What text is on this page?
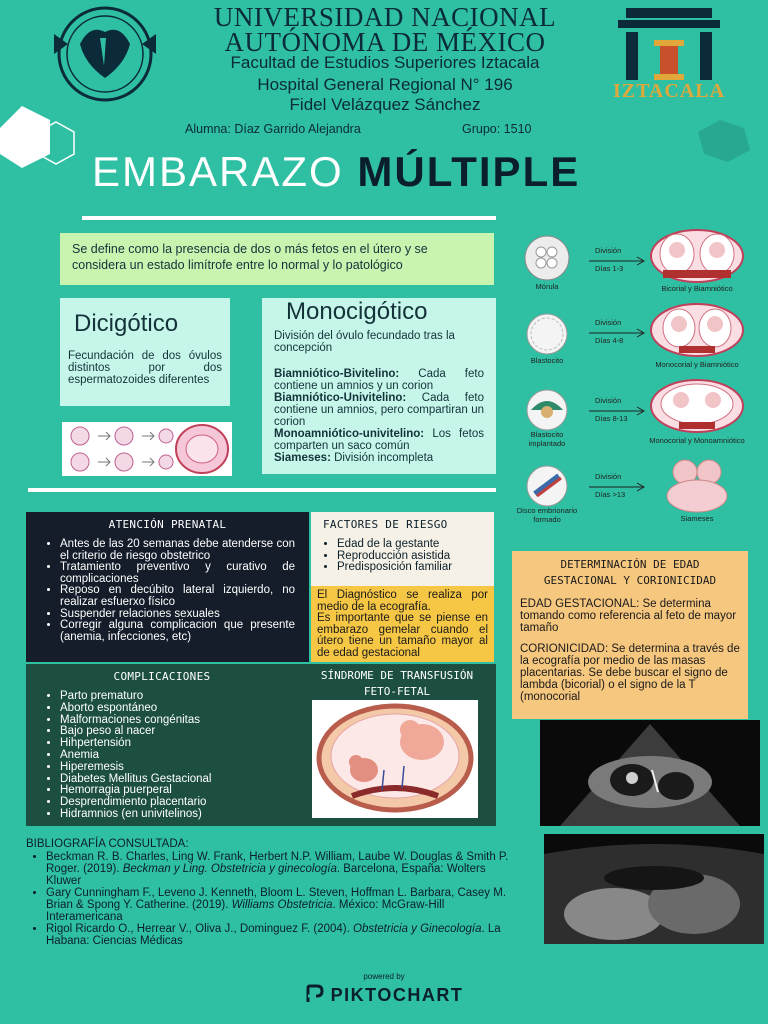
UNIVERSIDAD NACIONAL
AUTÓNOMA DE MÉXICO
Facultad de Estudios Superiores Iztacala
Hospital General Regional N° 196
Fidel Velázquez Sánchez
Alumna: Díaz Garrido Alejandra	Grupo: 1510
IZTACALA
EMBARAZO MÚLTIPLE
Se define como la presencia de dos o más fetos en el útero y se considera un estado limítrofe entre lo normal y lo patológico
Dicigótico
Fecundación de dos óvulos distintos por dos espermatozoides diferentes
Monocigótico
División del óvulo fecundado tras la concepción
Biamniótico-Bivitelino: Cada feto contiene un amnios y un corion
Biamniótico-Univitelino: Cada feto contiene un amnios, pero compartiran un corion
Monoamniótico-univitelino: Los fetos comparten un saco común
Siameses: División incompleta
Mórula
División
Días 1-3
Bicorial y Biamniótico
Blastocito
División
Días 4-8
Monocorial y Biamniótico
Blastocito implantado
División
Días 8-13
Monocorial y Monoamniótico
Disco embrionario formado
División
Días >13
Siameses
ATENCIÓN PRENATAL
• Antes de las 20 semanas debe atenderse con el criterio de riesgo obstetrico
• Tratamiento preventivo y curativo de complicaciones
• Reposo en decúbito lateral izquierdo, no realizar esfuerxo físico
• Suspender relaciones sexuales
• Corregir alguna complicacion que presente (anemia, infecciones, etc)
FACTORES DE RIESGO
• Edad de la gestante
• Reproducción asistida
• Predisposición familiar
El Diagnóstico se realiza por medio de la ecografía.
Es importante que se piense en embarazo gemelar cuando el útero tiene un tamaño mayor al de edad gestacional
COMPLICACIONES
• Parto prematuro
• Aborto espontáneo
• Malformaciones congénitas
• Bajo peso al nacer
• Hihpertensión
• Anemia
• Hiperemesis
• Diabetes Mellitus Gestacional
• Hemorragia puerperal
• Desprendimiento placentario
• Hidramnios (en univitelinos)
SÍNDROME DE TRANSFUSIÓN
FETO-FETAL
DETERMINACIÓN DE EDAD
GESTACIONAL Y CORIONICIDAD

EDAD GESTACIONAL: Se determina tomando como referencia al feto de mayor tamaño

CORIONICIDAD: Se determina a través de la ecografía por medio de las masas placentarias. Se debe buscar el signo de lambda (bicorial) o el signo de la T (monocorial

BIBLIOGRAFÍA CONSULTADA:
• Beckman R. B. Charles, Ling W. Frank, Herbert N.P. William, Laube W. Douglas & Smith P. Roger. (2019). Beckman y Ling. Obstetricia y ginecología. Barcelona, España: Wolters Kluwer
• Gary Cunningham F., Leveno J. Kenneth, Bloom L. Steven, Hoffman L. Barbara, Casey M. Brian & Spong Y. Catherine. (2019). Williams Obstetricia. México: McGraw-Hill Interamericana
• Rigol Ricardo O., Herrear V., Oliva J., Dominguez F. (2004). Obstetricia y Ginecología. La Habana: Ciencias Médicas
powered by
PIKTOCHART
